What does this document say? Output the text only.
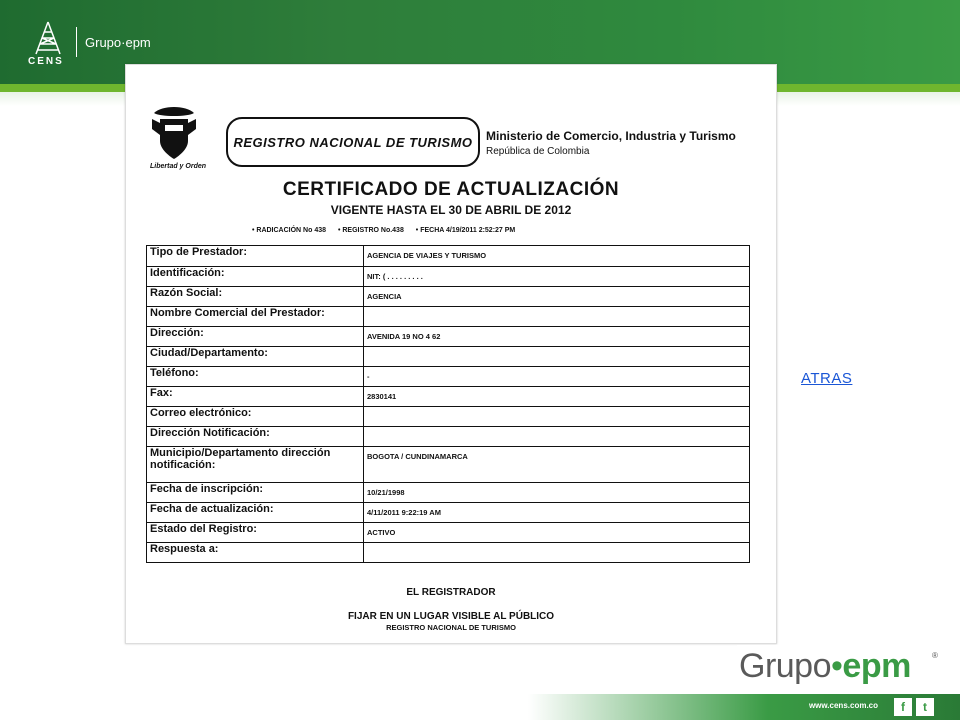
CENS
Grupo·epm
Libertad y Orden
REGISTRO NACIONAL DE TURISMO	Ministerio de Comercio, Industria y Turismo
República de Colombia
CERTIFICADO DE ACTUALIZACIÓN
VIGENTE HASTA EL 30 DE ABRIL DE 2012
• RADICACIÓN No 438 • REGISTRO No.438 • FECHA 4/19/2011 2:52:27 PM
Tipo de Prestador:	AGENCIA DE VIAJES Y TURISMO
Identificación:	NIT: ( . . . . . . . . .
Razón Social:	AGENCIA
Nombre Comercial del Prestador:	
Dirección:	AVENIDA 19 NO 4 62
Ciudad/Departamento:	
Teléfono:	-
Fax:	2830141
Correo electrónico:	
Dirección Notificación:	
Municipio/Departamento dirección notificación:	BOGOTA / CUNDINAMARCA
Fecha de inscripción:	10/21/1998
Fecha de actualización:	4/11/2011 9:22:19 AM
Estado del Registro:	ACTIVO
Respuesta a:	
EL REGISTRADOR
FIJAR EN UN LUGAR VISIBLE AL PÚBLICO
REGISTRO NACIONAL DE TURISMO
ATRAS
Grupo•epm	®
www.cens.com.co	f	t
